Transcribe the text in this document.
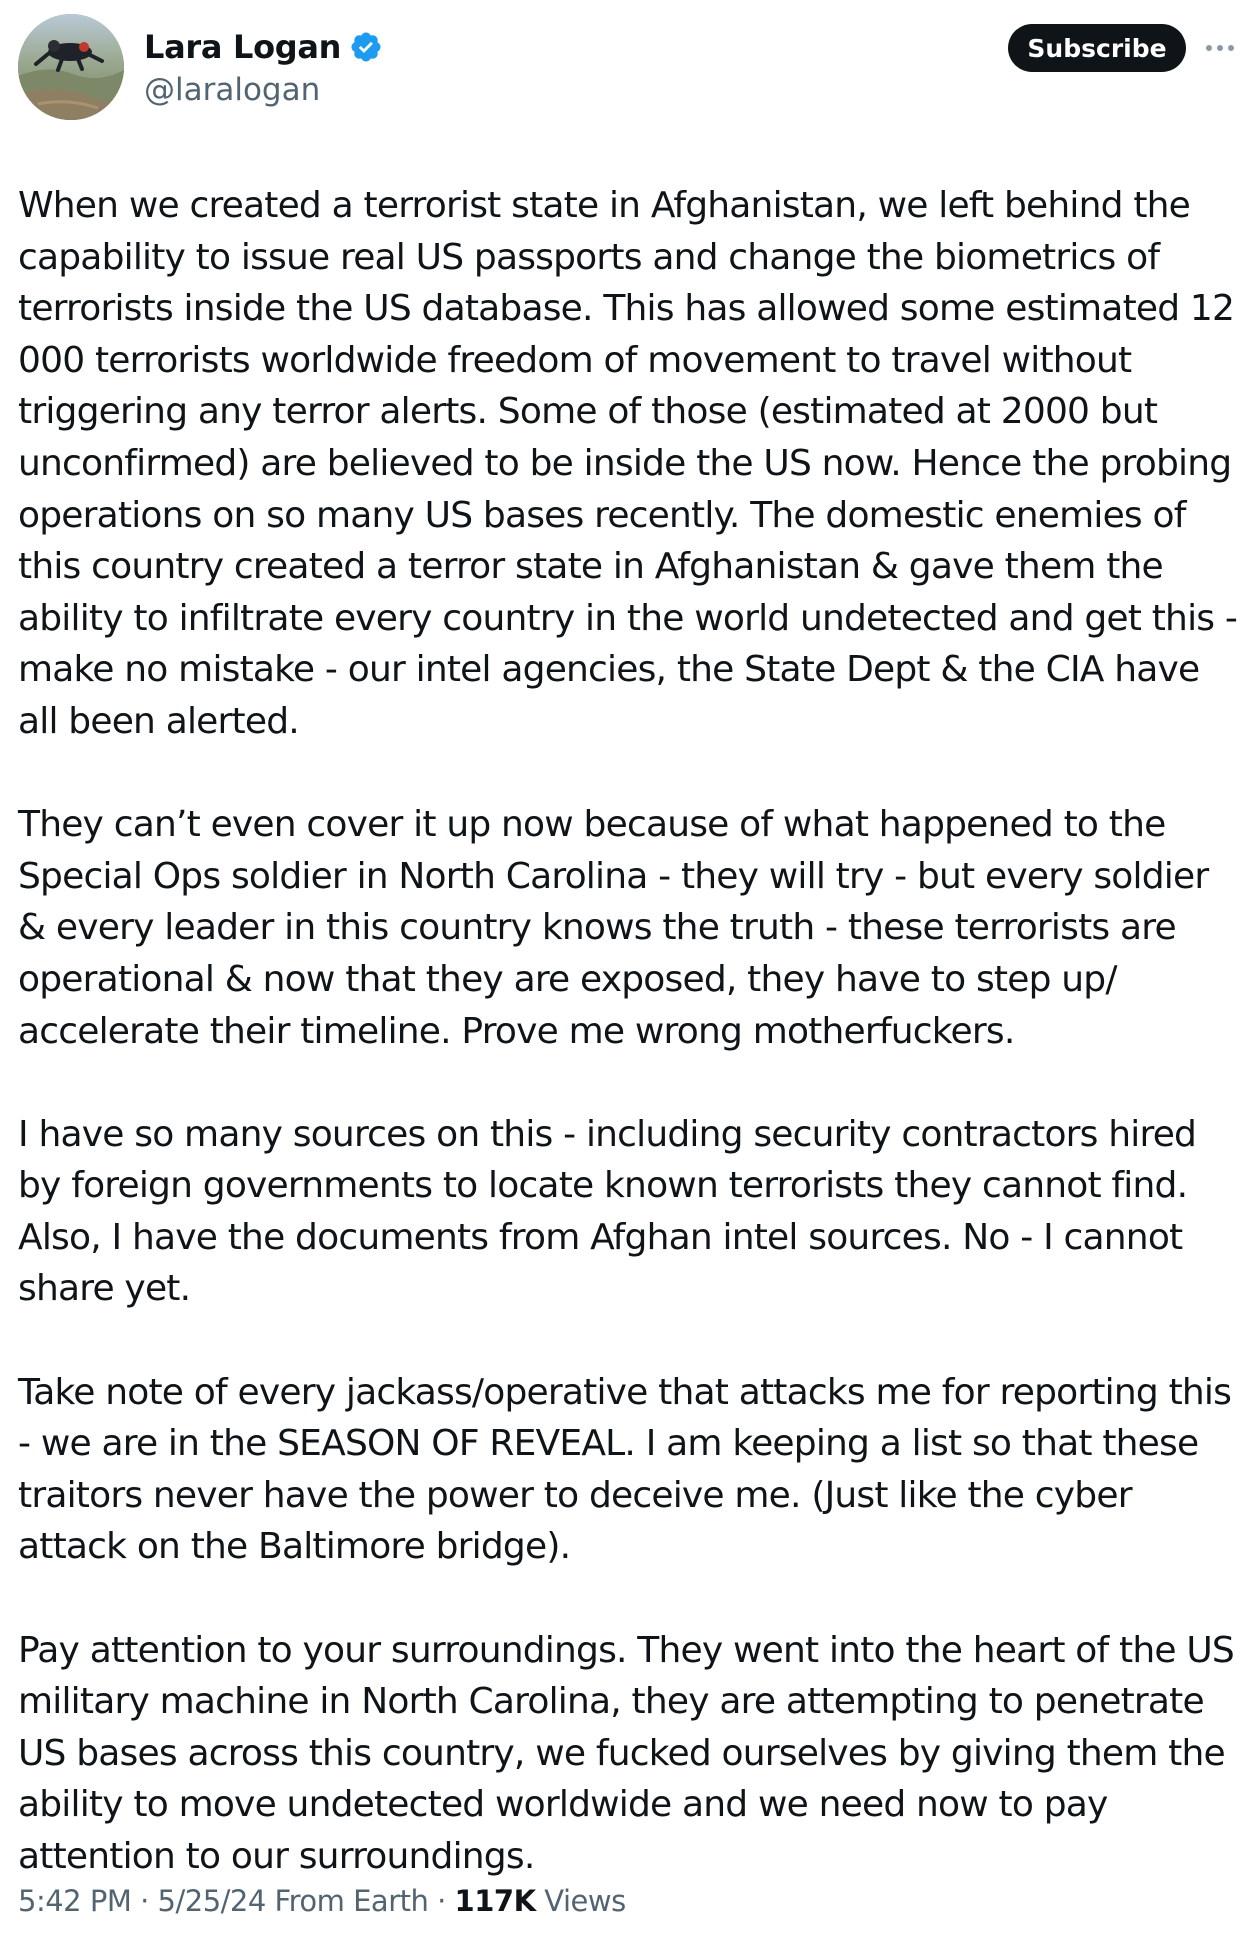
Lara Logan
@laralogan
Subscribe

When we created a terrorist state in Afghanistan, we left behind the capability to issue real US passports and change the biometrics of terrorists inside the US database. This has allowed some estimated 12 000 terrorists worldwide freedom of movement to travel without triggering any terror alerts. Some of those (estimated at 2000 but unconfirmed) are believed to be inside the US now. Hence the probing operations on so many US bases recently. The domestic enemies of this country created a terror state in Afghanistan & gave them the ability to infiltrate every country in the world undetected and get this - make no mistake - our intel agencies, the State Dept & the CIA have all been alerted.

They can’t even cover it up now because of what happened to the Special Ops soldier in North Carolina - they will try - but every soldier & every leader in this country knows the truth - these terrorists are operational & now that they are exposed, they have to step up/ accelerate their timeline. Prove me wrong motherfuckers.

I have so many sources on this - including security contractors hired by foreign governments to locate known terrorists they cannot find. Also, I have the documents from Afghan intel sources. No - I cannot share yet.

Take note of every jackass/operative that attacks me for reporting this - we are in the SEASON OF REVEAL. I am keeping a list so that these traitors never have the power to deceive me. (Just like the cyber attack on the Baltimore bridge).

Pay attention to your surroundings. They went into the heart of the US military machine in North Carolina, they are attempting to penetrate US bases across this country, we fucked ourselves by giving them the ability to move undetected worldwide and we need now to pay attention to our surroundings.

5:42 PM · 5/25/24 From Earth · 117K Views
